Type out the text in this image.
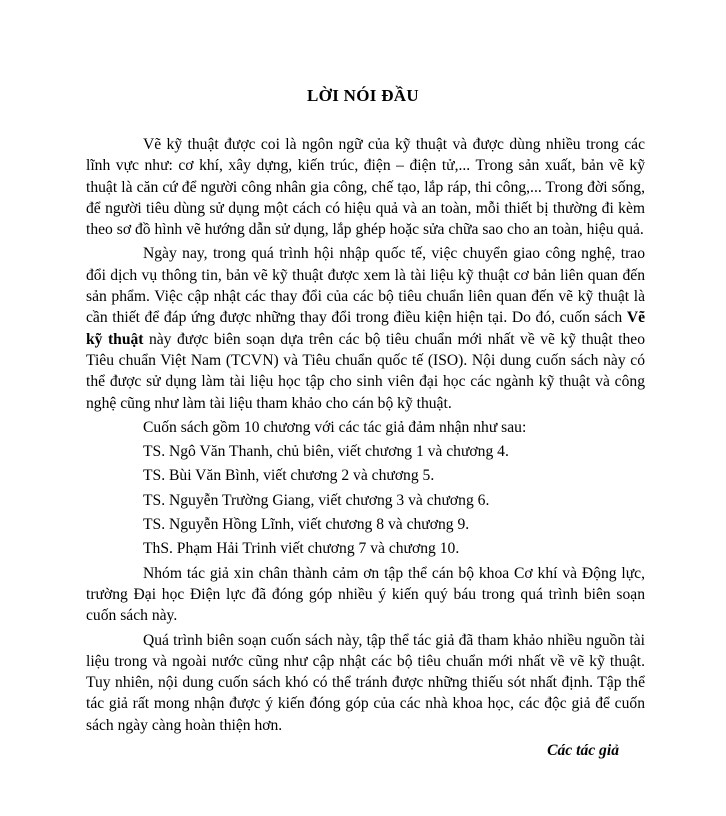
LỜI NÓI ĐẦU

Vẽ kỹ thuật được coi là ngôn ngữ của kỹ thuật và được dùng nhiều trong các lĩnh vực như: cơ khí, xây dựng, kiến trúc, điện – điện tử,... Trong sản xuất, bản vẽ kỹ thuật là căn cứ để người công nhân gia công, chế tạo, lắp ráp, thi công,... Trong đời sống, để người tiêu dùng sử dụng một cách có hiệu quả và an toàn, mỗi thiết bị thường đi kèm theo sơ đồ hình vẽ hướng dẫn sử dụng, lắp ghép hoặc sửa chữa sao cho an toàn, hiệu quả.

Ngày nay, trong quá trình hội nhập quốc tế, việc chuyển giao công nghệ, trao đổi dịch vụ thông tin, bản vẽ kỹ thuật được xem là tài liệu kỹ thuật cơ bản liên quan đến sản phẩm. Việc cập nhật các thay đổi của các bộ tiêu chuẩn liên quan đến vẽ kỹ thuật là cần thiết để đáp ứng được những thay đổi trong điều kiện hiện tại. Do đó, cuốn sách Vẽ kỹ thuật này được biên soạn dựa trên các bộ tiêu chuẩn mới nhất về vẽ kỹ thuật theo Tiêu chuẩn Việt Nam (TCVN) và Tiêu chuẩn quốc tế (ISO). Nội dung cuốn sách này có thể được sử dụng làm tài liệu học tập cho sinh viên đại học các ngành kỹ thuật và công nghệ cũng như làm tài liệu tham khảo cho cán bộ kỹ thuật.

Cuốn sách gồm 10 chương với các tác giả đảm nhận như sau:

TS. Ngô Văn Thanh, chủ biên, viết chương 1 và chương 4.
TS. Bùi Văn Bình, viết chương 2 và chương 5.
TS. Nguyễn Trường Giang, viết chương 3 và chương 6.
TS. Nguyễn Hồng Lĩnh, viết chương 8 và chương 9.
ThS. Phạm Hải Trinh viết chương 7 và chương 10.

Nhóm tác giả xin chân thành cảm ơn tập thể cán bộ khoa Cơ khí và Động lực, trường Đại học Điện lực đã đóng góp nhiều ý kiến quý báu trong quá trình biên soạn cuốn sách này.

Quá trình biên soạn cuốn sách này, tập thể tác giả đã tham khảo nhiều nguồn tài liệu trong và ngoài nước cũng như cập nhật các bộ tiêu chuẩn mới nhất về vẽ kỹ thuật. Tuy nhiên, nội dung cuốn sách khó có thể tránh được những thiếu sót nhất định. Tập thể tác giả rất mong nhận được ý kiến đóng góp của các nhà khoa học, các độc giả để cuốn sách ngày càng hoàn thiện hơn.

Các tác giả
